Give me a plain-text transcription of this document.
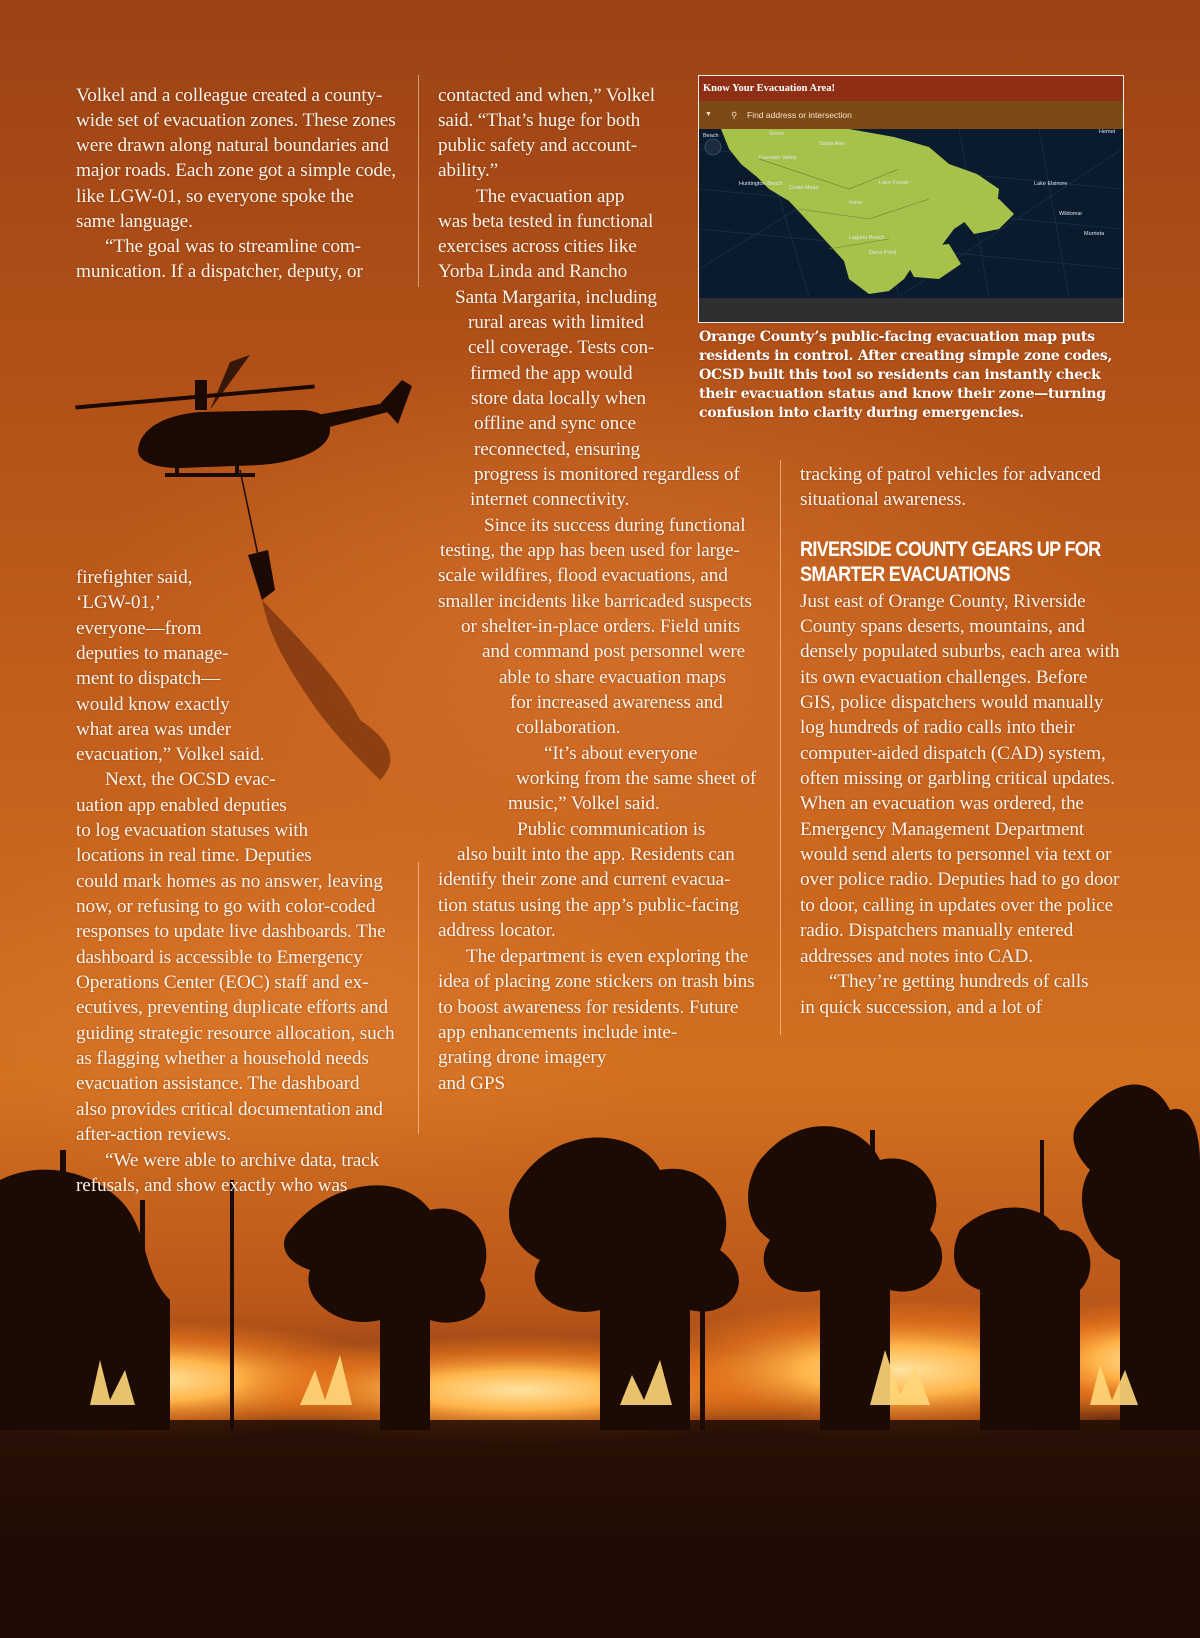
Volkel and a colleague created a county-
wide set of evacuation zones. These zones
were drawn along natural boundaries and
major roads. Each zone got a simple code,
like LGW-01, so everyone spoke the
same language.
“The goal was to streamline com-
munication. If a dispatcher, deputy, or
firefighter said,
‘LGW-01,’
everyone—from
deputies to manage-
ment to dispatch—
would know exactly
what area was under
evacuation,” Volkel said.
Next, the OCSD evac-
uation app enabled deputies
to log evacuation statuses with
locations in real time. Deputies
could mark homes as no answer, leaving
now, or refusing to go with color-coded
responses to update live dashboards. The
dashboard is accessible to Emergency
Operations Center (EOC) staff and ex-
ecutives, preventing duplicate efforts and
guiding strategic resource allocation, such
as flagging whether a household needs
evacuation assistance. The dashboard
also provides critical documentation and
after-action reviews.
“We were able to archive data, track
refusals, and show exactly who was
contacted and when,” Volkel
said. “That’s huge for both
public safety and account-
ability.”
The evacuation app
was beta tested in functional
exercises across cities like
Yorba Linda and Rancho
Santa Margarita, including
rural areas with limited
cell coverage. Tests con-
firmed the app would
store data locally when
offline and sync once
reconnected, ensuring
progress is monitored regardless of
internet connectivity.
Since its success during functional
testing, the app has been used for large-
scale wildfires, flood evacuations, and
smaller incidents like barricaded suspects
or shelter-in-place orders. Field units
and command post personnel were
able to share evacuation maps
for increased awareness and
collaboration.
“It’s about everyone
working from the same sheet of
music,” Volkel said.
Public communication is
also built into the app. Residents can
identify their zone and current evacua-
tion status using the app’s public-facing
address locator.
The department is even exploring the
idea of placing zone stickers on trash bins
to boost awareness for residents. Future
app enhancements include inte-
grating drone imagery
and GPS
Know Your Evacuation Area!
▼ ⚲ Find address or intersection
Beach	Grove
Santa Ana
Fountain Valley
Huntington Beach
Costa Mesa
Lake Forest
Irvine
Lake Elsinore
Wildomar
Murrieta
Laguna Beach
Dana Point
Hemet
Orange County’s public-facing evacuation map puts
residents in control. After creating simple zone codes,
OCSD built this tool so residents can instantly check
their evacuation status and know their zone—turning
confusion into clarity during emergencies.
tracking of patrol vehicles for advanced
situational awareness.
RIVERSIDE COUNTY GEARS UP FOR
SMARTER EVACUATIONS
Just east of Orange County, Riverside
County spans deserts, mountains, and
densely populated suburbs, each area with
its own evacuation challenges. Before
GIS, police dispatchers would manually
log hundreds of radio calls into their
computer-aided dispatch (CAD) system,
often missing or garbling critical updates.
When an evacuation was ordered, the
Emergency Management Department
would send alerts to personnel via text or
over police radio. Deputies had to go door
to door, calling in updates over the police
radio. Dispatchers manually entered
addresses and notes into CAD.
“They’re getting hundreds of calls
in quick succession, and a lot of
